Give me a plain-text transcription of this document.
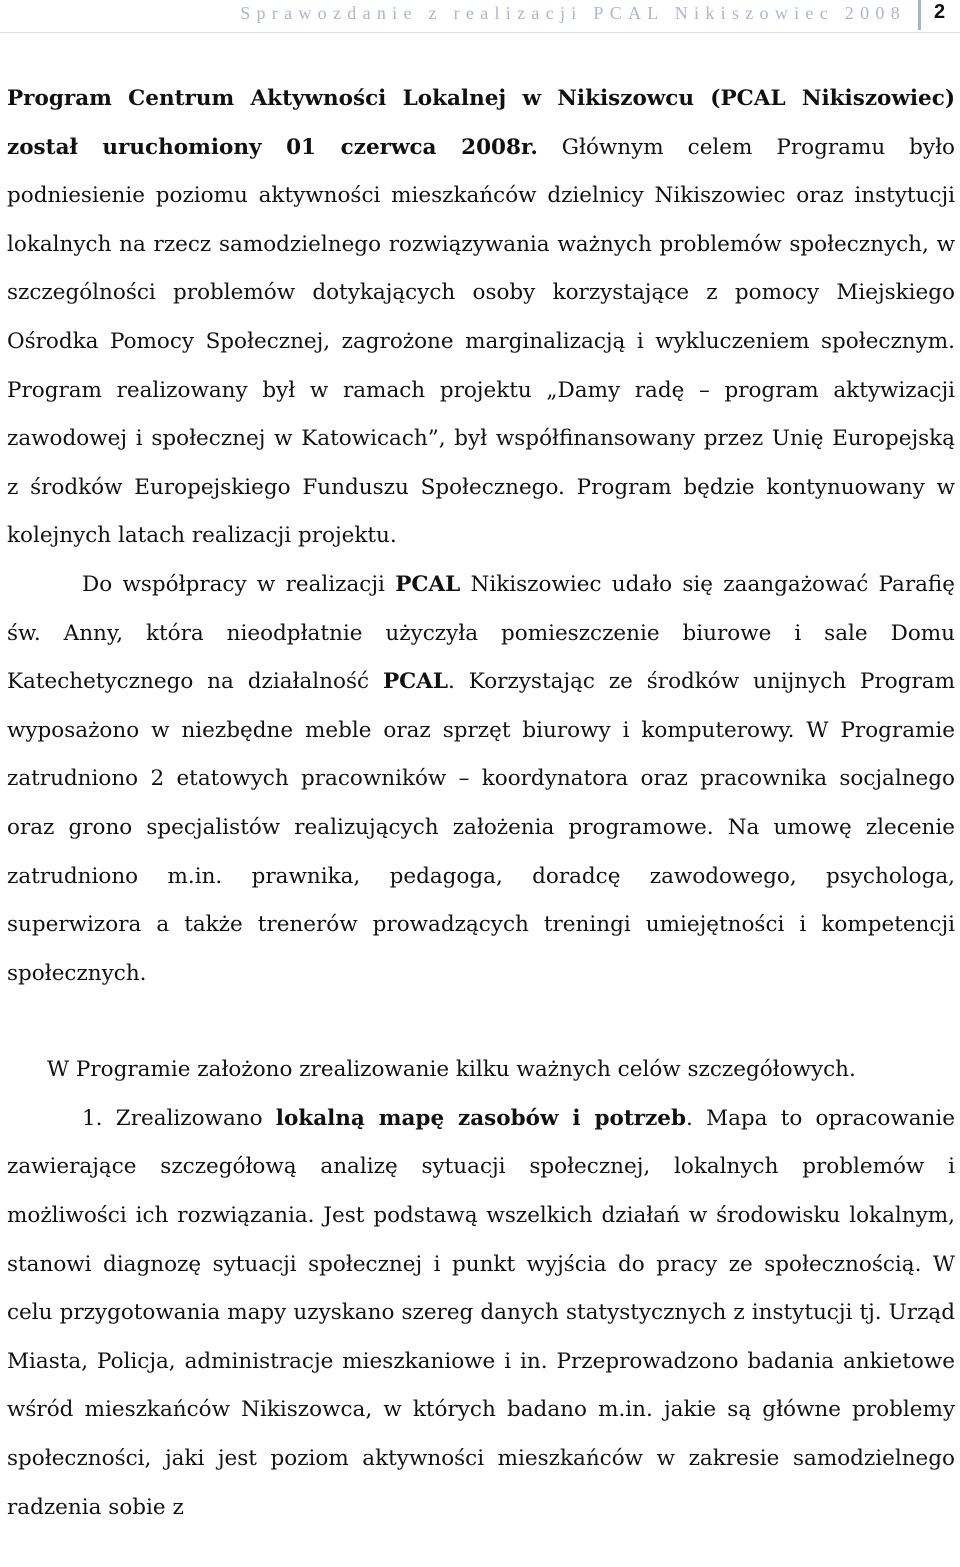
Sprawozdanie z realizacji PCAL Nikiszowiec 2008 2

Program Centrum Aktywności Lokalnej w Nikiszowcu (PCAL Nikiszowiec) został uruchomiony 01 czerwca 2008r. Głównym celem Programu było podniesienie poziomu aktywności mieszkańców dzielnicy Nikiszowiec oraz instytucji lokalnych na rzecz samodzielnego rozwiązywania ważnych problemów społecznych, w szczególności problemów dotykających osoby korzystające z pomocy Miejskiego Ośrodka Pomocy Społecznej, zagrożone marginalizacją i wykluczeniem społecznym. Program realizowany był w ramach projektu „Damy radę – program aktywizacji zawodowej i społecznej w Katowicach”, był współfinansowany przez Unię Europejską z środków Europejskiego Funduszu Społecznego. Program będzie kontynuowany w kolejnych latach realizacji projektu.

Do współpracy w realizacji PCAL Nikiszowiec udało się zaangażować Parafię św. Anny, która nieodpłatnie użyczyła pomieszczenie biurowe i sale Domu Katechetycznego na działalność PCAL. Korzystając ze środków unijnych Program wyposażono w niezbędne meble oraz sprzęt biurowy i komputerowy. W Programie zatrudniono 2 etatowych pracowników – koordynatora oraz pracownika socjalnego oraz grono specjalistów realizujących założenia programowe. Na umowę zlecenie zatrudniono m.in. prawnika, pedagoga, doradcę zawodowego, psychologa, superwizora a także trenerów prowadzących treningi umiejętności i kompetencji społecznych.

W Programie założono zrealizowanie kilku ważnych celów szczegółowych.

1. Zrealizowano lokalną mapę zasobów i potrzeb. Mapa to opracowanie zawierające szczegółową analizę sytuacji społecznej, lokalnych problemów i możliwości ich rozwiązania. Jest podstawą wszelkich działań w środowisku lokalnym, stanowi diagnozę sytuacji społecznej i punkt wyjścia do pracy ze społecznością. W celu przygotowania mapy uzyskano szereg danych statystycznych z instytucji tj. Urząd Miasta, Policja, administracje mieszkaniowe i in. Przeprowadzono badania ankietowe wśród mieszkańców Nikiszowca, w których badano m.in. jakie są główne problemy społeczności, jaki jest poziom aktywności mieszkańców w zakresie samodzielnego radzenia sobie z
